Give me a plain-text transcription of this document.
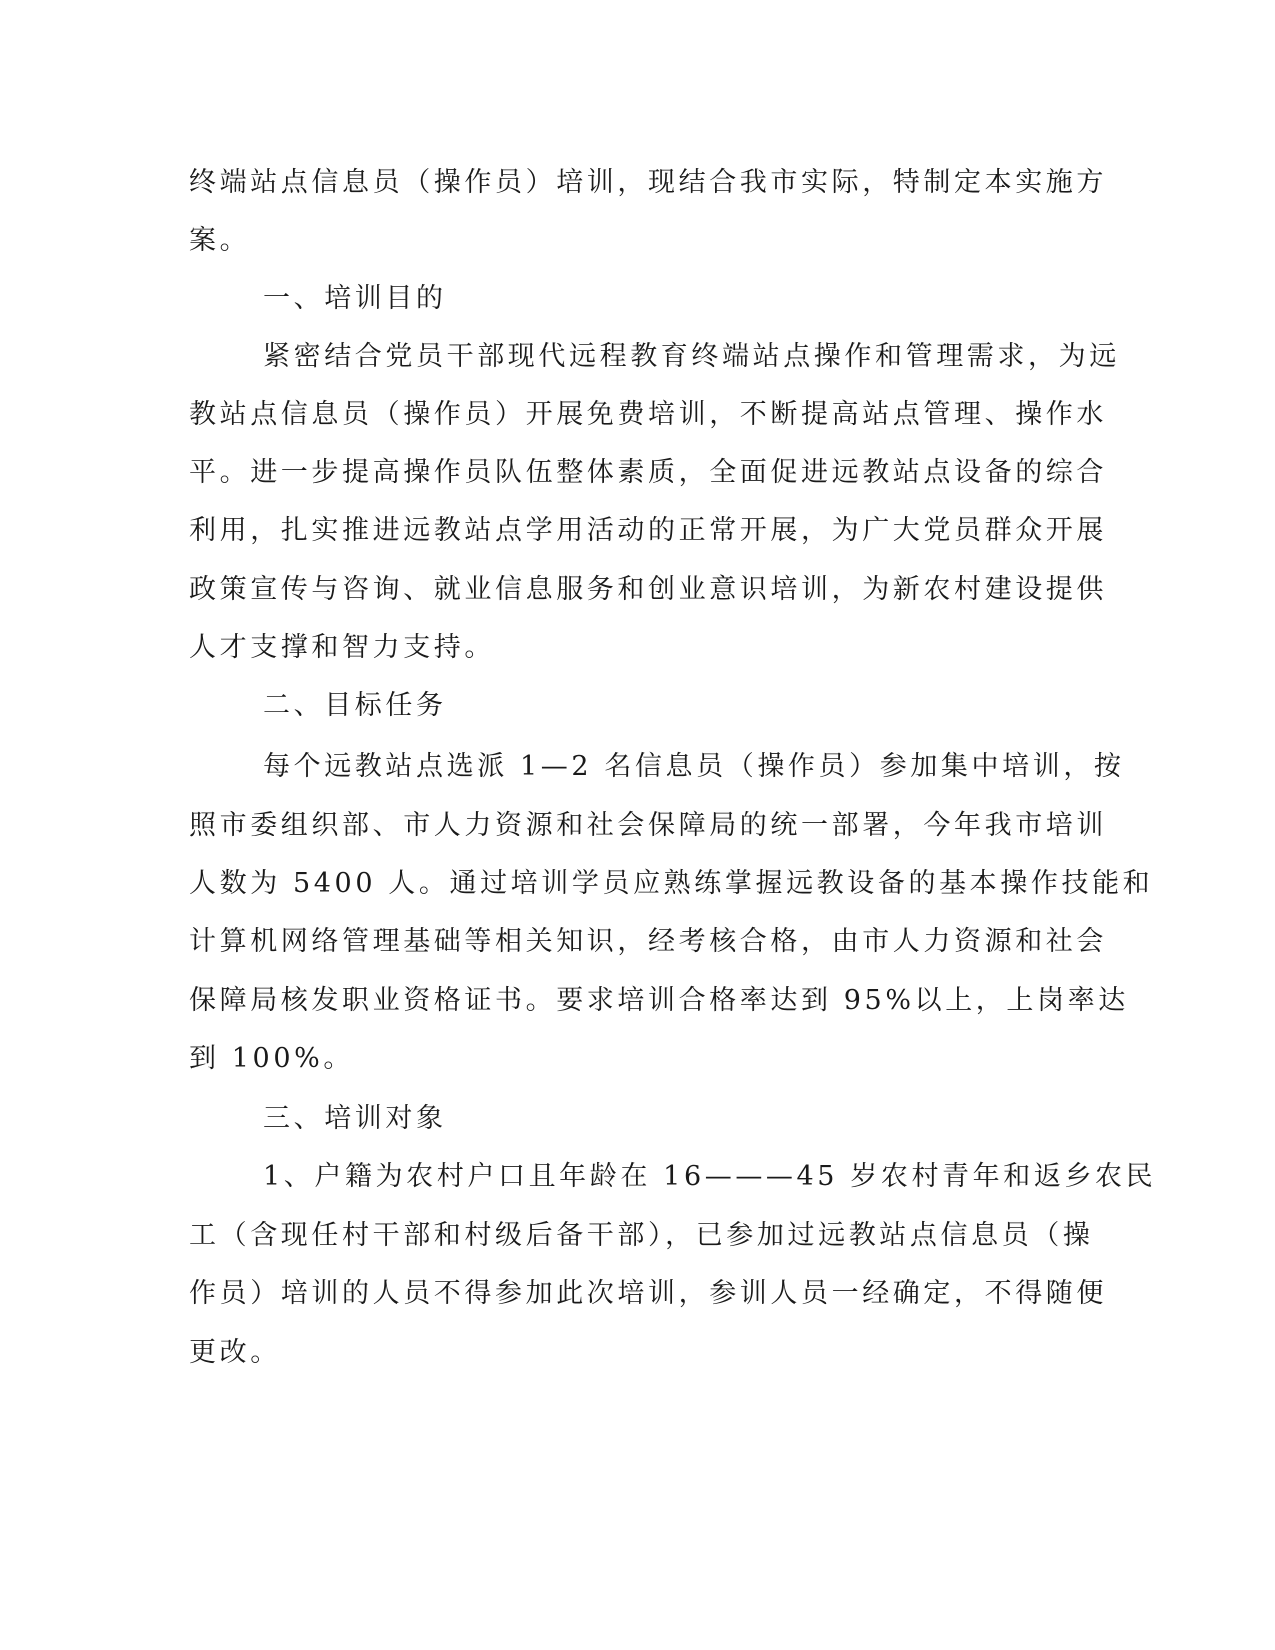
终端站点信息员（操作员）培训，现结合我市实际，特制定本实施方

案。

一、培训目的

紧密结合党员干部现代远程教育终端站点操作和管理需求，为远

教站点信息员（操作员）开展免费培训，不断提高站点管理、操作水

平。进一步提高操作员队伍整体素质，全面促进远教站点设备的综合

利用，扎实推进远教站点学用活动的正常开展，为广大党员群众开展

政策宣传与咨询、就业信息服务和创业意识培训，为新农村建设提供

人才支撑和智力支持。

二、目标任务

每个远教站点选派 1—2 名信息员（操作员）参加集中培训，按

照市委组织部、市人力资源和社会保障局的统一部署，今年我市培训

人数为 5400 人。通过培训学员应熟练掌握远教设备的基本操作技能和

计算机网络管理基础等相关知识，经考核合格，由市人力资源和社会

保障局核发职业资格证书。要求培训合格率达到 95%以上，上岗率达

到 100%。

三、培训对象

1、户籍为农村户口且年龄在 16———45 岁农村青年和返乡农民

工（含现任村干部和村级后备干部），已参加过远教站点信息员（操

作员）培训的人员不得参加此次培训，参训人员一经确定，不得随便

更改。
